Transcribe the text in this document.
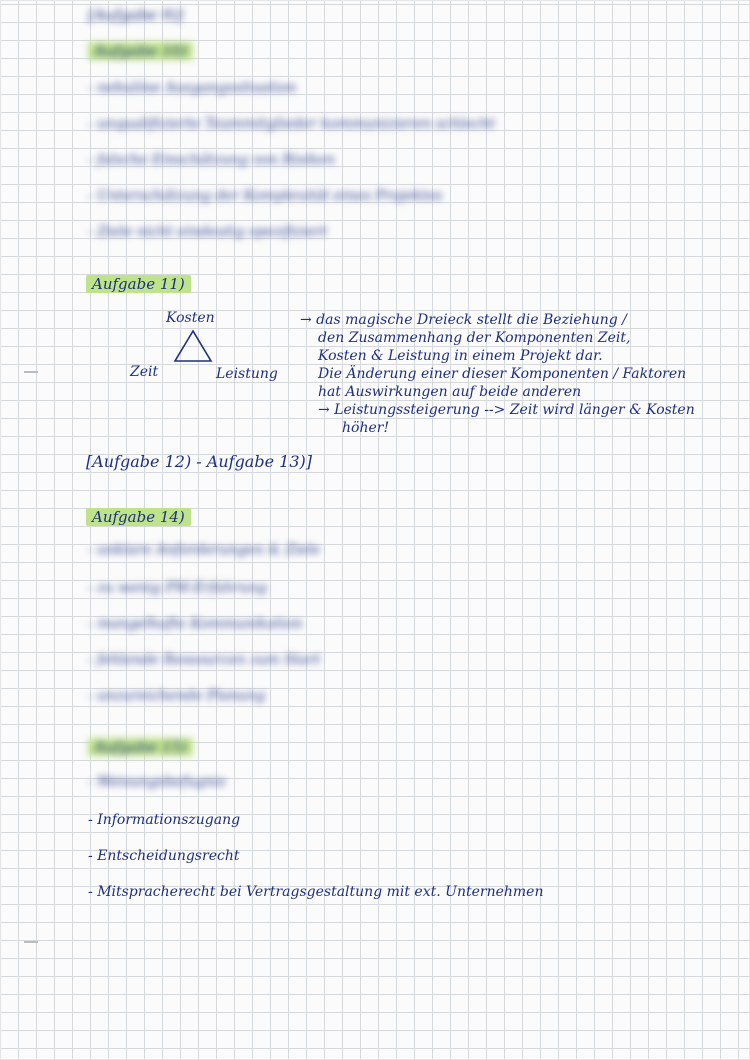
[Aufgabe 9)]
Aufgabe 10)
- nebulöse Ausgangssituation
- unqualifizierte Teammitglieder kommunizieren schlecht
- falsche Einschätzung von Risiken
- Unterschätzung der Komplexität eines Projektes
- Ziele nicht eindeutig spezifiziert
Aufgabe 11)
Kosten
Zeit	Leistung
→ das magische Dreieck stellt die Beziehung /
den Zusammenhang der Komponenten Zeit,
Kosten & Leistung in einem Projekt dar.
Die Änderung einer dieser Komponenten / Faktoren
hat Auswirkungen auf beide anderen
→ Leistungssteigerung --> Zeit wird länger & Kosten
höher!
[Aufgabe 12) - Aufgabe 13)]
Aufgabe 14)
- unklare Anforderungen & Ziele
- zu wenig PM-Erfahrung
- mangelhafte Kommunikation
- fehlende Ressourcen zum Start
- unzureichende Planung
Aufgabe 15)
- Weisungsbefugnis
- Informationszugang
- Entscheidungsrecht
- Mitspracherecht bei Vertragsgestaltung mit ext. Unternehmen
